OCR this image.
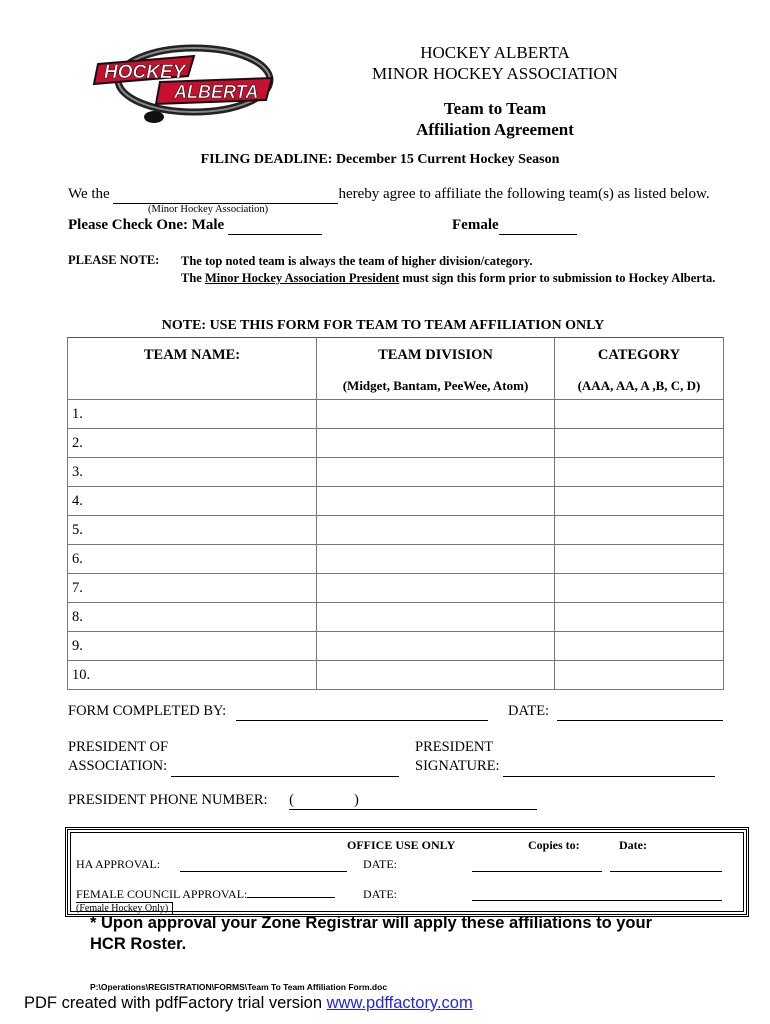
HOCKEY
ALBERTA
HOCKEY ALBERTA
MINOR HOCKEY ASSOCIATION
Team to Team
Affiliation Agreement
FILING DEADLINE: December 15 Current Hockey Season
We the	hereby agree to affiliate the following team(s) as listed below.
(Minor Hockey Association)
Please Check One: Male	Female
PLEASE NOTE: The top noted team is always the team of higher division/category.
The Minor Hockey Association President must sign this form prior to submission to Hockey Alberta.
NOTE: USE THIS FORM FOR TEAM TO TEAM AFFILIATION ONLY
TEAM NAME:	TEAM DIVISION	CATEGORY
	(Midget, Bantam, PeeWee, Atom)	(AAA, AA, A ,B, C, D)
1.		
2.		
3.		
4.		
5.		
6.		
7.		
8.		
9.		
10.		
FORM COMPLETED BY:	DATE:
PRESIDENT OF
ASSOCIATION:
PRESIDENT
SIGNATURE:
PRESIDENT PHONE NUMBER: (	)
OFFICE USE ONLY	Copies to:	Date:
HA APPROVAL:	DATE:
FEMALE COUNCIL APPROVAL:	DATE:
(Female Hockey Only)
* Upon approval your Zone Registrar will apply these affiliations to your
HCR Roster.
P:\Operations\REGISTRATION\FORMS\Team To Team Affiliation Form.doc
PDF created with pdfFactory trial version www.pdffactory.com
